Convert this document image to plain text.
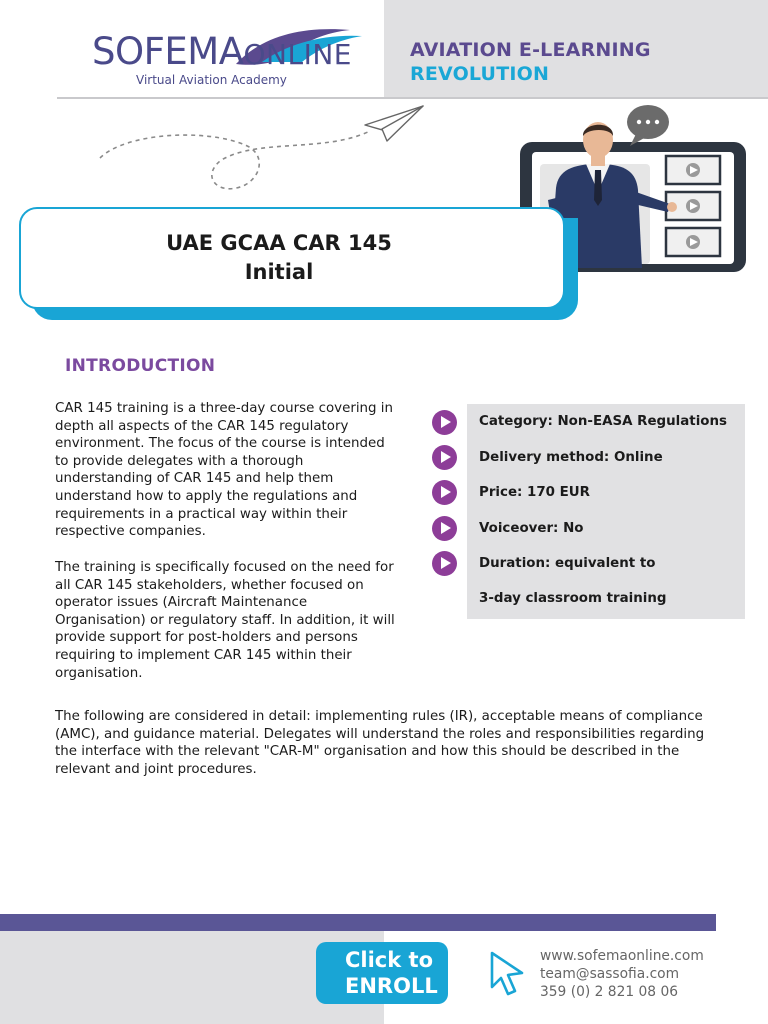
SOFEMAONLINE
Virtual Aviation Academy
AVIATION E-LEARNING
REVOLUTION
UAE GCAA CAR 145
Initial
INTRODUCTION
CAR 145 training is a three-day course covering in depth all aspects of the CAR 145 regulatory environment. The focus of the course is intended to provide delegates with a thorough understanding of CAR 145 and help them understand how to apply the regulations and requirements in a practical way within their respective companies.
The training is specifically focused on the need for all CAR 145 stakeholders, whether focused on operator issues (Aircraft Maintenance Organisation) or regulatory staff. In addition, it will provide support for post-holders and persons requiring to implement CAR 145 within their organisation.
The following are considered in detail: implementing rules (IR), acceptable means of compliance (AMC), and guidance material. Delegates will understand the roles and responsibilities regarding the interface with the relevant "CAR-M" organisation and how this should be described in the relevant and joint procedures.
Category: Non-EASA Regulations
Delivery method: Online
Price: 170 EUR
Voiceover: No
Duration: equivalent to
3-day classroom training
Click to
ENROLL
www.sofemaonline.com
team@sassofia.com
359 (0) 2 821 08 06
